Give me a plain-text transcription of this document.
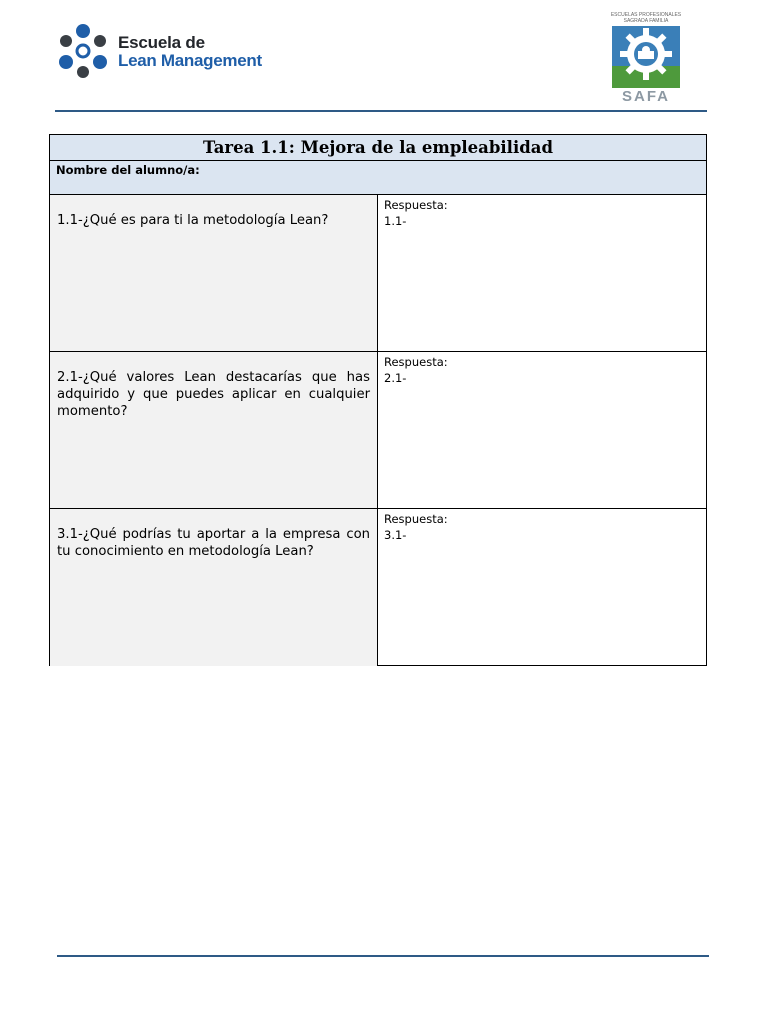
Escuela de
Lean Management
ESCUELAS PROFESIONALES
SAGRADA FAMILIA
SAFA
Tarea 1.1: Mejora de la empleabilidad
Nombre del alumno/a:
1.1-¿Qué es para ti la metodología Lean?
Respuesta:
1.1-
2.1-¿Qué valores Lean destacarías que has adquirido y que puedes aplicar en cualquier momento?
Respuesta:
2.1-
3.1-¿Qué podrías tu aportar a la empresa con tu conocimiento en metodología Lean?
Respuesta:
3.1-
